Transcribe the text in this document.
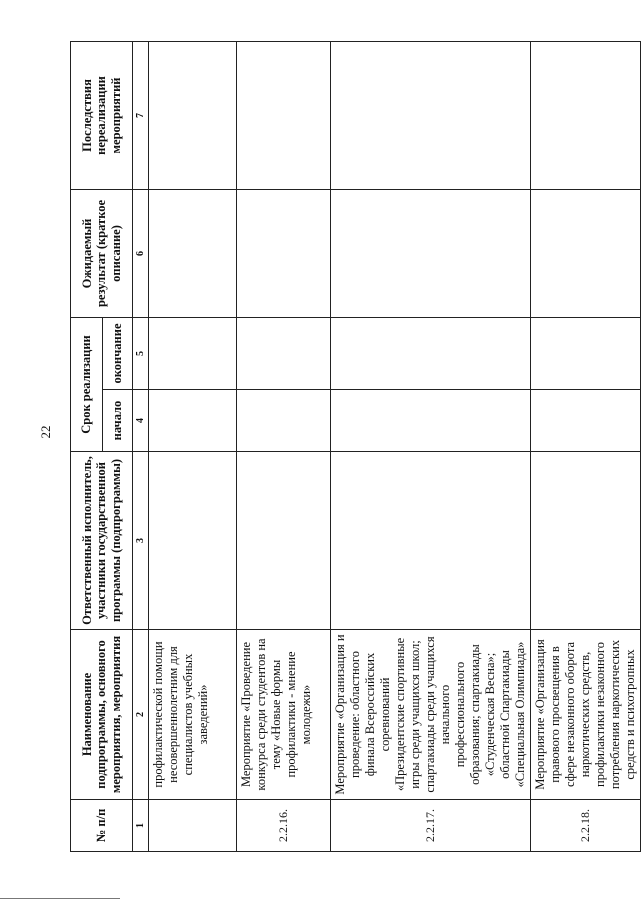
22
№ п/п	Наименование подпрограммы, основного мероприятия, мероприятия	Ответственный исполнитель, участники государственной программы (подпрограммы)	Срок реализации		Ожидаемый результат (краткое описание)	Последствия нереализации мероприятий
			начало	окончание		
1	2	3	4	5	6	7
	профилактической помощи несовершеннолетним для специалистов учебных заведений»					
2.2.16.	Мероприятие «Проведение конкурса среди студентов на тему «Новые формы профилактики - мнение молодежи»					
2.2.17.	Мероприятие «Организация и проведение: областного финала Всероссийских соревнований «Президентские спортивные игры среди учащихся школ; спартакиады среди учащихся начального профессионального образования; спартакиады «Студенческая Весна»; областной Спартакиады «Специальная Олимпиада»					
2.2.18.	Мероприятие «Организация правового просвещения в сфере незаконного оборота наркотических средств, профилактики незаконного потребления наркотических средств и психотропных					
